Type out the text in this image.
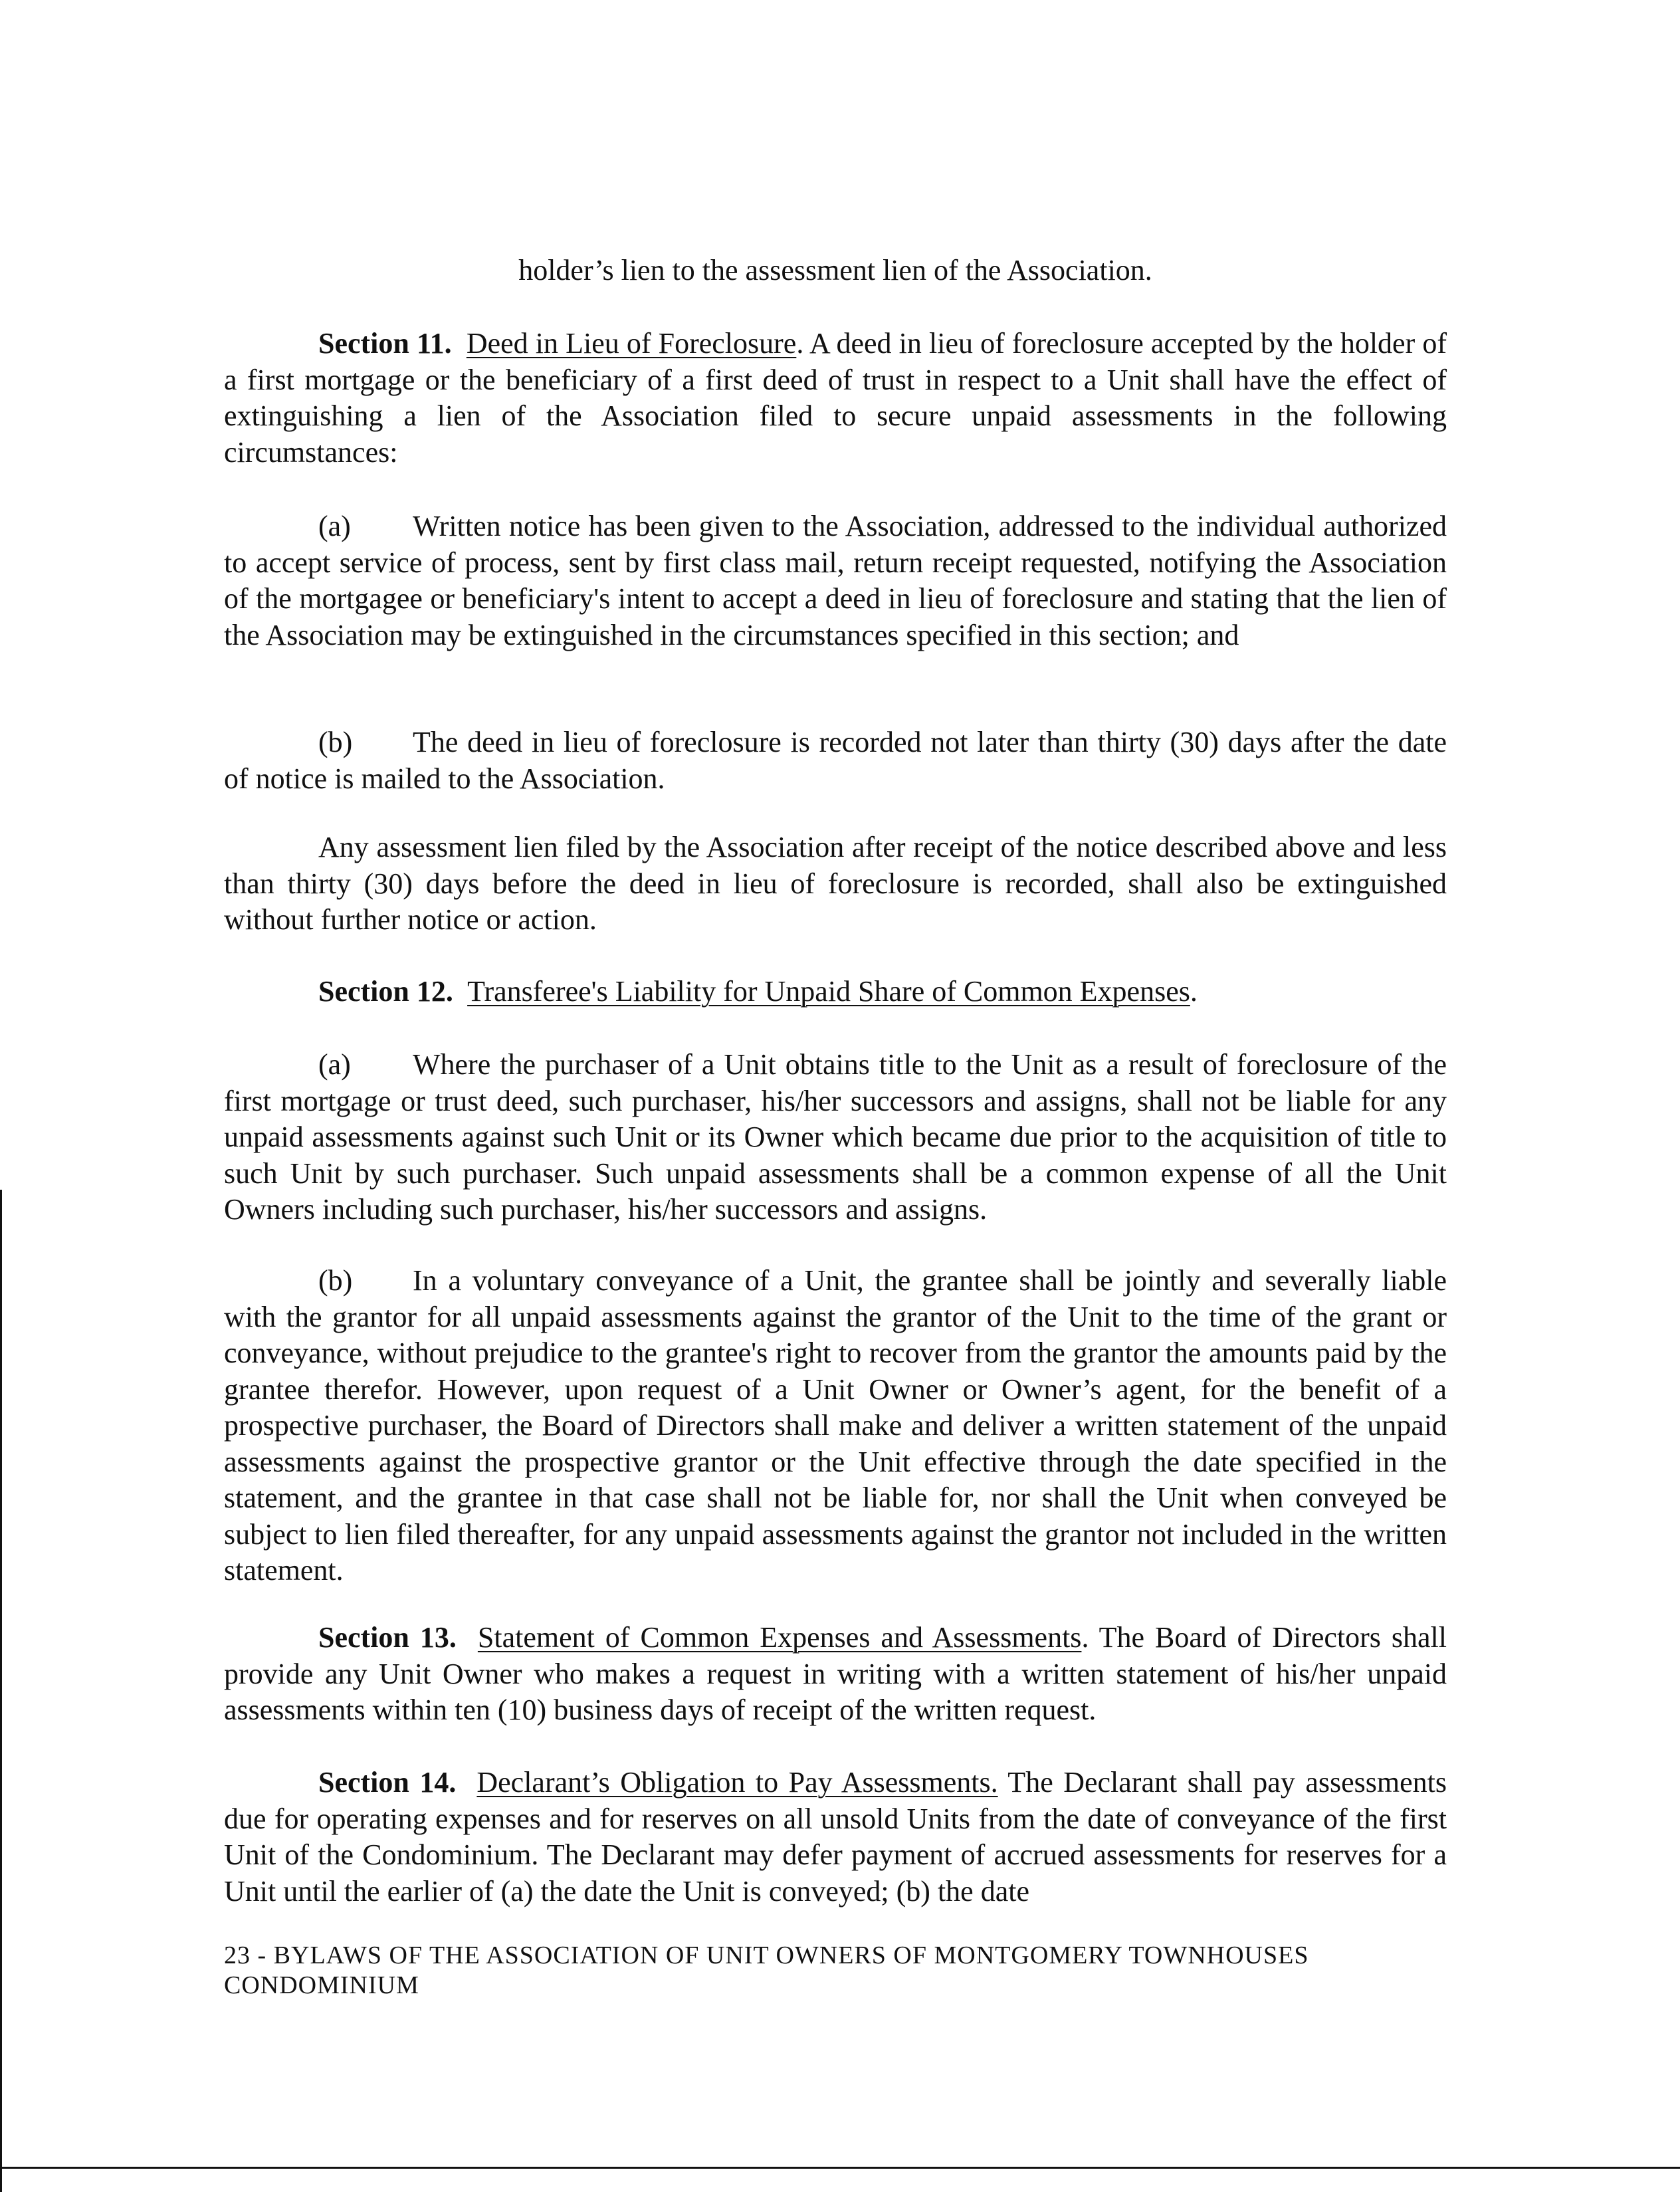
holder’s lien to the assessment lien of the Association.

Section 11. Deed in Lieu of Foreclosure. A deed in lieu of foreclosure accepted by the holder of a first mortgage or the beneficiary of a first deed of trust in respect to a Unit shall have the effect of extinguishing a lien of the Association filed to secure unpaid assessments in the following circumstances:

(a) Written notice has been given to the Association, addressed to the individual authorized to accept service of process, sent by first class mail, return receipt requested, notifying the Association of the mortgagee or beneficiary's intent to accept a deed in lieu of foreclosure and stating that the lien of the Association may be extinguished in the circumstances specified in this section; and

(b) The deed in lieu of foreclosure is recorded not later than thirty (30) days after the date of notice is mailed to the Association.

Any assessment lien filed by the Association after receipt of the notice described above and less than thirty (30) days before the deed in lieu of foreclosure is recorded, shall also be extinguished without further notice or action.

Section 12. Transferee's Liability for Unpaid Share of Common Expenses.

(a) Where the purchaser of a Unit obtains title to the Unit as a result of foreclosure of the first mortgage or trust deed, such purchaser, his/her successors and assigns, shall not be liable for any unpaid assessments against such Unit or its Owner which became due prior to the acquisition of title to such Unit by such purchaser. Such unpaid assessments shall be a common expense of all the Unit Owners including such purchaser, his/her successors and assigns.

(b) In a voluntary conveyance of a Unit, the grantee shall be jointly and severally liable with the grantor for all unpaid assessments against the grantor of the Unit to the time of the grant or conveyance, without prejudice to the grantee's right to recover from the grantor the amounts paid by the grantee therefor. However, upon request of a Unit Owner or Owner’s agent, for the benefit of a prospective purchaser, the Board of Directors shall make and deliver a written statement of the unpaid assessments against the prospective grantor or the Unit effective through the date specified in the statement, and the grantee in that case shall not be liable for, nor shall the Unit when conveyed be subject to lien filed thereafter, for any unpaid assessments against the grantor not included in the written statement.

Section 13. Statement of Common Expenses and Assessments. The Board of Directors shall provide any Unit Owner who makes a request in writing with a written statement of his/her unpaid assessments within ten (10) business days of receipt of the written request.

Section 14. Declarant’s Obligation to Pay Assessments. The Declarant shall pay assessments due for operating expenses and for reserves on all unsold Units from the date of conveyance of the first Unit of the Condominium. The Declarant may defer payment of accrued assessments for reserves for a Unit until the earlier of (a) the date the Unit is conveyed; (b) the date

23 - BYLAWS OF THE ASSOCIATION OF UNIT OWNERS OF MONTGOMERY TOWNHOUSES
CONDOMINIUM
